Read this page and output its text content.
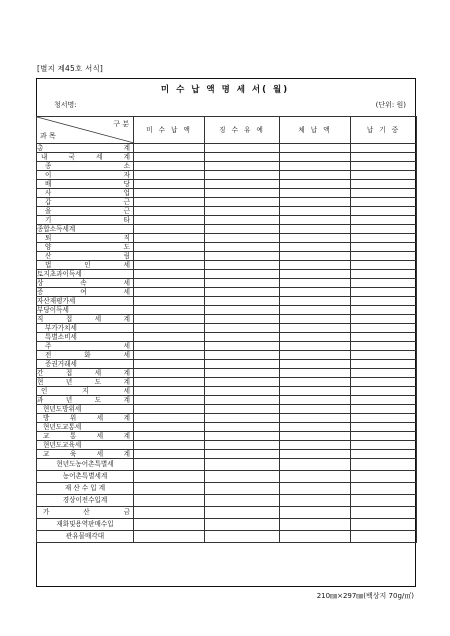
[별지 제45호 서식]
미 수 납 액 명 세 서( 월)
청서명:	(단위: 원)
구 분
과 목	미 수 납 액	징 수 유 예	체 납 액	납 기 중

총 계				

내 국 세 계				

종 소				

이 자				

배 당				

사 업				

갑 근				

을 근				

기 타				

종합소득세계				

퇴 직				

양 도				

산 림				

법 인 세				

토지초과이득세				

상 속 세				

증 여 세				

자산재평가세				

부당이득세				

직 접 세 계				

부가가치세				

특별소비세				

주 세				

전 화 세				

증권거래세				

간 접 세 계				

현 년 도 계				

인 지 세				

과 년 도 계				

현년도방위세				

방 위 세 계				

현년도교통세				

교 통 세 계				

현년도교육세				

교 육 세 계				

현년도농어촌특별세				

농어촌특별세계				

재 산 수 입 계				

경상이전수입계				

가 산 금				

재화및용역판매수입				

관유물매각대				

210㎜×297㎜(백상지 70g/㎡)
